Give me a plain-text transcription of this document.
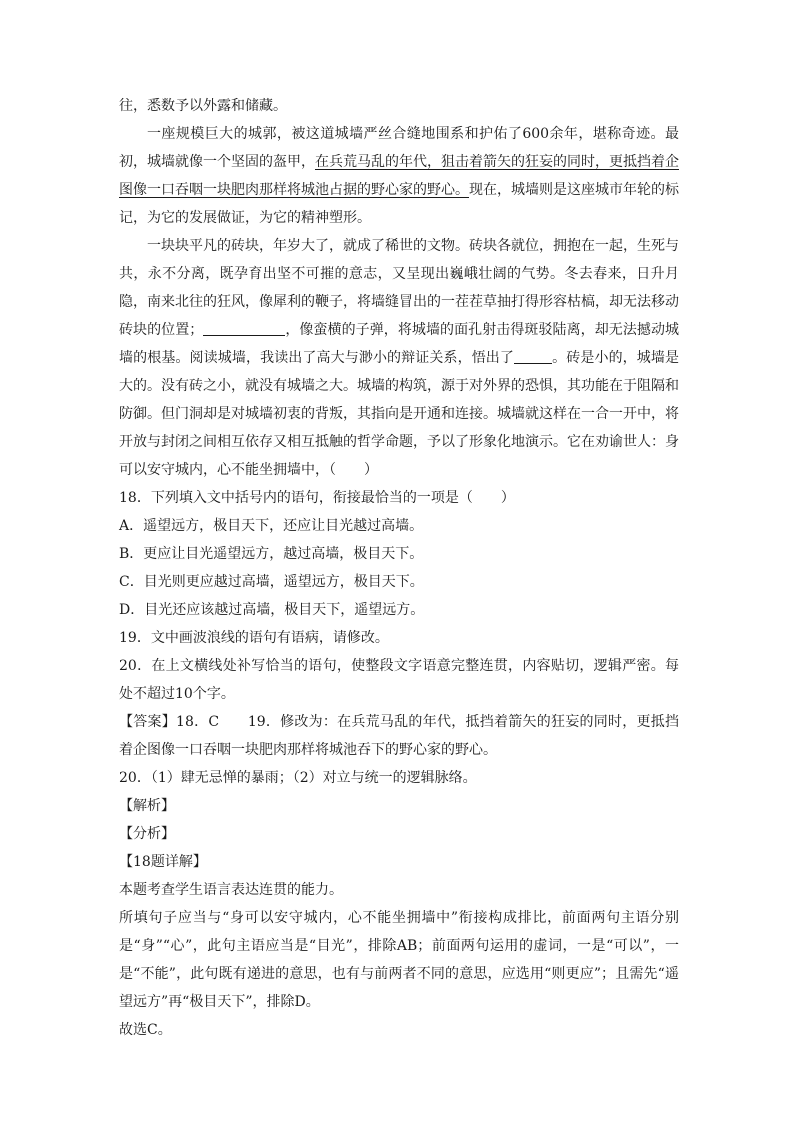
往，悉数予以外露和储藏。

一座规模巨大的城郭，被这道城墙严丝合缝地围系和护佑了600余年，堪称奇迹。最初，城墙就像一个坚固的盔甲，在兵荒马乱的年代，狙击着箭矢的狂妄的同时，更抵挡着企图像一口吞咽一块肥肉那样将城池占据的野心家的野心。现在，城墙则是这座城市年轮的标记，为它的发展做证，为它的精神塑形。

一块块平凡的砖块，年岁大了，就成了稀世的文物。砖块各就位，拥抱在一起，生死与共，永不分离，既孕育出坚不可摧的意志，又呈现出巍峨壮阔的气势。冬去春来，日升月隐，南来北往的狂风，像犀利的鞭子，将墙缝冒出的一茬茬草抽打得形容枯槁，却无法移动砖块的位置；	，像蛮横的子弹，将城墙的面孔射击得斑驳陆离，却无法撼动城墙的根基。阅读城墙，我读出了高大与渺小的辩证关系，悟出了	。砖是小的，城墙是大的。没有砖之小，就没有城墙之大。城墙的构筑，源于对外界的恐惧，其功能在于阻隔和防御。但门洞却是对城墙初衷的背叛，其指向是开通和连接。城墙就这样在一合一开中，将开放与封闭之间相互依存又相互抵触的哲学命题，予以了形象化地演示。它在劝谕世人：身可以安守城内，心不能坐拥墙中，（　　）

18．下列填入文中括号内的语句，衔接最恰当的一项是（　　）

A．遥望远方，极目天下，还应让目光越过高墙。

B．更应让目光遥望远方，越过高墙，极目天下。

C．目光则更应越过高墙，遥望远方，极目天下。

D．目光还应该越过高墙，极目天下，遥望远方。

19．文中画波浪线的语句有语病，请修改。

20．在上文横线处补写恰当的语句，使整段文字语意完整连贯，内容贴切，逻辑严密。每处不超过10个字。

【答案】18．C　　19．修改为：在兵荒马乱的年代，抵挡着箭矢的狂妄的同时，更抵挡着企图像一口吞咽一块肥肉那样将城池吞下的野心家的野心。

20．（1）肆无忌惮的暴雨；（2）对立与统一的逻辑脉络。

【解析】

【分析】

【18题详解】

本题考查学生语言表达连贯的能力。

所填句子应当与“身可以安守城内，心不能坐拥墙中”衔接构成排比，前面两句主语分别是“身”“心”，此句主语应当是“目光”，排除AB；前面两句运用的虚词，一是“可以”，一是“不能”，此句既有递进的意思，也有与前两者不同的意思，应选用“则更应”；且需先“遥望远方”再“极目天下”，排除D。

故选C。
